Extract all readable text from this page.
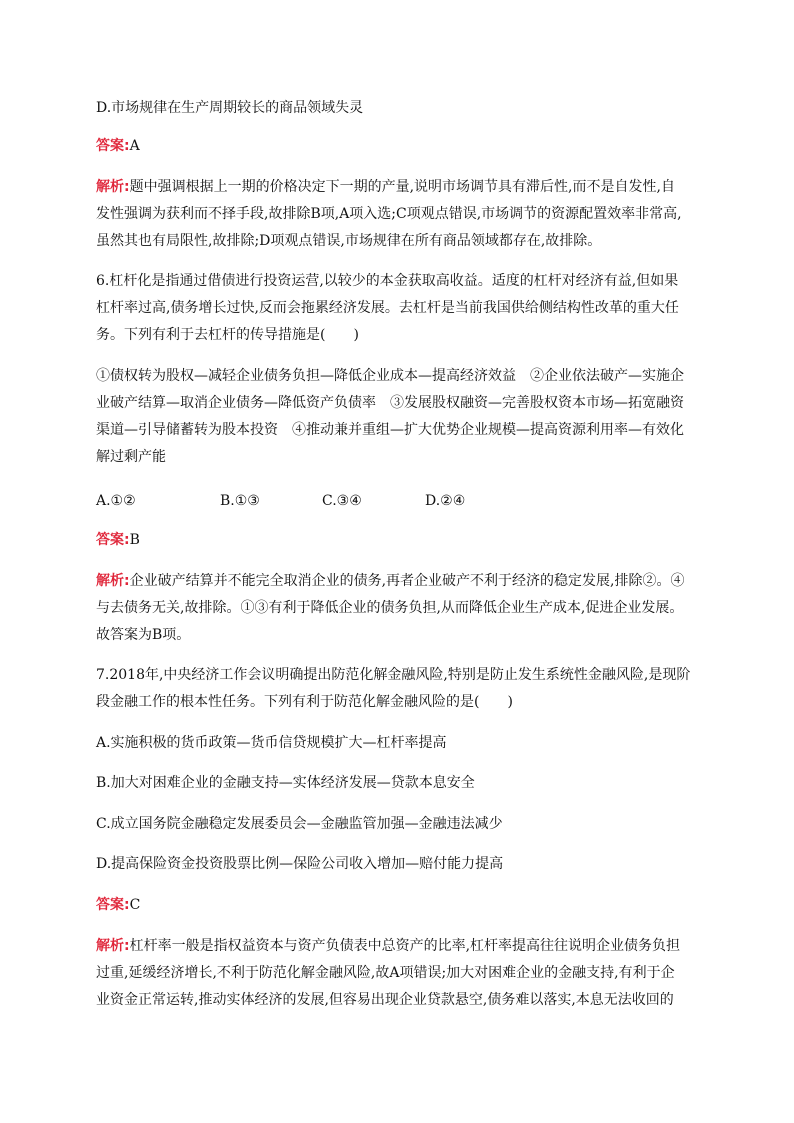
D.市场规律在生产周期较长的商品领域失灵

答案:A

解析:题中强调根据上一期的价格决定下一期的产量,说明市场调节具有滞后性,而不是自发性,自
发性强调为获利而不择手段,故排除B项,A项入选;C项观点错误,市场调节的资源配置效率非常高,
虽然其也有局限性,故排除;D项观点错误,市场规律在所有商品领域都存在,故排除。

6.杠杆化是指通过借债进行投资运营,以较少的本金获取高收益。适度的杠杆对经济有益,但如果
杠杆率过高,债务增长过快,反而会拖累经济发展。去杠杆是当前我国供给侧结构性改革的重大任
务。下列有利于去杠杆的传导措施是(　　)

①债权转为股权—减轻企业债务负担—降低企业成本—提高经济效益　②企业依法破产—实施企
业破产结算—取消企业债务—降低资产负债率　③发展股权融资—完善股权资本市场—拓宽融资
渠道—引导储蓄转为股本投资　④推动兼并重组—扩大优势企业规模—提高资源利用率—有效化
解过剩产能

A.①②	B.①③	C.③④	D.②④

答案:B

解析:企业破产结算并不能完全取消企业的债务,再者企业破产不利于经济的稳定发展,排除②。④
与去债务无关,故排除。①③有利于降低企业的债务负担,从而降低企业生产成本,促进企业发展。
故答案为B项。

7.2018年,中央经济工作会议明确提出防范化解金融风险,特别是防止发生系统性金融风险,是现阶
段金融工作的根本性任务。下列有利于防范化解金融风险的是(　　)

A.实施积极的货币政策—货币信贷规模扩大—杠杆率提高

B.加大对困难企业的金融支持—实体经济发展—贷款本息安全

C.成立国务院金融稳定发展委员会—金融监管加强—金融违法减少

D.提高保险资金投资股票比例—保险公司收入增加—赔付能力提高

答案:C

解析:杠杆率一般是指权益资本与资产负债表中总资产的比率,杠杆率提高往往说明企业债务负担
过重,延缓经济增长,不利于防范化解金融风险,故A项错误;加大对困难企业的金融支持,有利于企
业资金正常运转,推动实体经济的发展,但容易出现企业贷款悬空,债务难以落实,本息无法收回的
